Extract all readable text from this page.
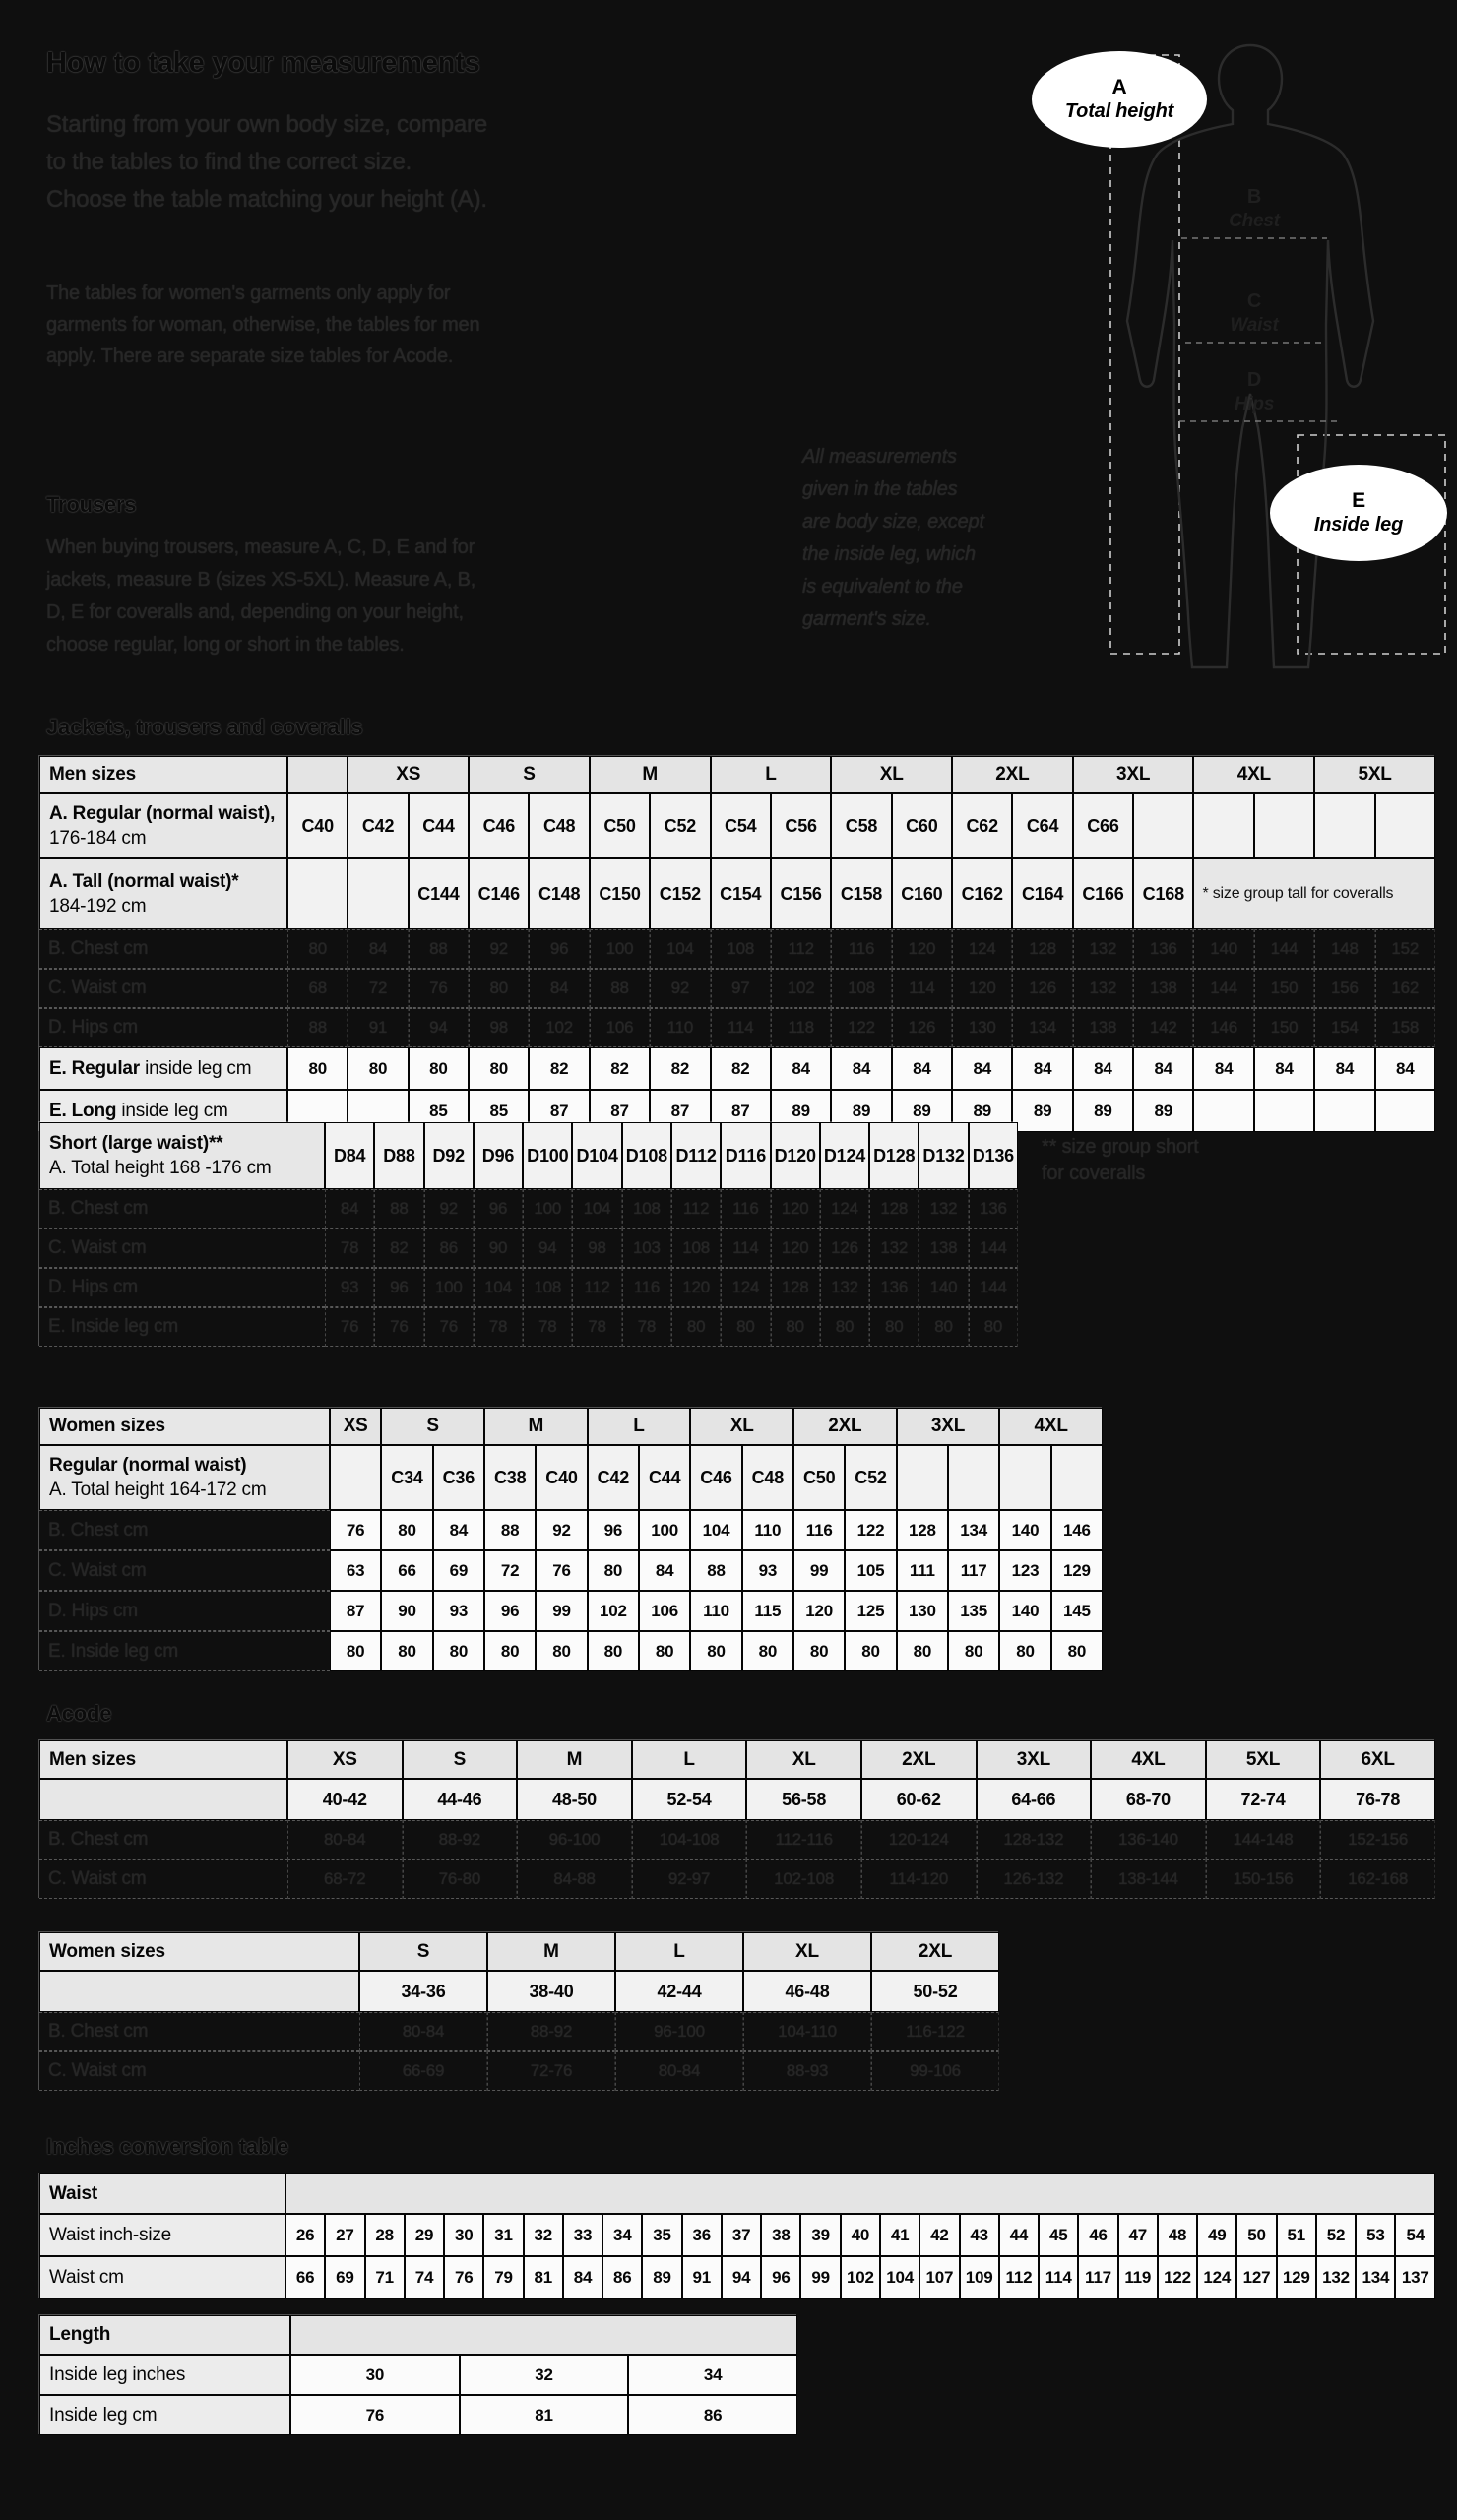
How to take your measurements
Starting from your own body size, compare
to the tables to find the correct size.
Choose the table matching your height (A).
The tables for women's garments only apply for
garments for woman, otherwise, the tables for men
apply. There are separate size tables for Acode.
Trousers
When buying trousers, measure A, C, D, E and for
jackets, measure B (sizes XS-5XL). Measure A, B,
D, E for coveralls and, depending on your height,
choose regular, long or short in the tables.
All measurements
given in the tables
are body size, except
the inside leg, which
is equivalent to the
garment's size.
B
Chest
C
Waist
D
Hips
A
Total height
E
Inside leg
Jackets, trousers and coveralls
Men sizes		XS		S		M		L		XL		2XL		3XL		4XL		5XL	

A. Regular (normal waist),
176-184 cm	C40	C42	C44	C46	C48	C50	C52	C54	C56	C58	C60	C62	C64	C66					

A. Tall (normal waist)*
184-192 cm			C144	C146	C148	C150	C152	C154	C156	C158	C160	C162	C164	C166	C168	* size group tall for coveralls			

B. Chest cm	80	84	88	92	96	100	104	108	112	116	120	124	128	132	136	140	144	148	152

C. Waist cm	68	72	76	80	84	88	92	97	102	108	114	120	126	132	138	144	150	156	162

D. Hips cm	88	91	94	98	102	106	110	114	118	122	126	130	134	138	142	146	150	154	158

E. Regular inside leg cm	80	80	80	80	82	82	82	82	84	84	84	84	84	84	84	84	84	84	84

E. Long inside leg cm			85	85	87	87	87	87	89	89	89	89	89	89	89				
Short (large waist)**
A. Total height 168 -176 cm	D84	D88	D92	D96	D100	D104	D108	D112	D116	D120	D124	D128	D132	D136

B. Chest cm	84	88	92	96	100	104	108	112	116	120	124	128	132	136

C. Waist cm	78	82	86	90	94	98	103	108	114	120	126	132	138	144

D. Hips cm	93	96	100	104	108	112	116	120	124	128	132	136	140	144

E. Inside leg cm	76	76	76	78	78	78	78	80	80	80	80	80	80	80
** size group short
for coveralls
Women sizes	XS	S		M		L		XL		2XL		3XL		4XL	

Regular (normal waist)
A. Total height 164-172 cm		C34	C36	C38	C40	C42	C44	C46	C48	C50	C52				

B. Chest cm	76	80	84	88	92	96	100	104	110	116	122	128	134	140	146

C. Waist cm	63	66	69	72	76	80	84	88	93	99	105	111	117	123	129

D. Hips cm	87	90	93	96	99	102	106	110	115	120	125	130	135	140	145

E. Inside leg cm	80	80	80	80	80	80	80	80	80	80	80	80	80	80	80
Acode
Men sizes	XS	S	M	L	XL	2XL	3XL	4XL	5XL	6XL

	40-42	44-46	48-50	52-54	56-58	60-62	64-66	68-70	72-74	76-78

B. Chest cm	80-84	88-92	96-100	104-108	112-116	120-124	128-132	136-140	144-148	152-156

C. Waist cm	68-72	76-80	84-88	92-97	102-108	114-120	126-132	138-144	150-156	162-168
Women sizes	S	M	L	XL	2XL

	34-36	38-40	42-44	46-48	50-52

B. Chest cm	80-84	88-92	96-100	104-110	116-122

C. Waist cm	66-69	72-76	80-84	88-93	99-106
Inches conversion table
Waist																													

Waist inch-size	26	27	28	29	30	31	32	33	34	35	36	37	38	39	40	41	42	43	44	45	46	47	48	49	50	51	52	53	54

Waist cm	66	69	71	74	76	79	81	84	86	89	91	94	96	99	102	104	107	109	112	114	117	119	122	124	127	129	132	134	137
Length			

Inside leg inches	30	32	34

Inside leg cm	76	81	86
